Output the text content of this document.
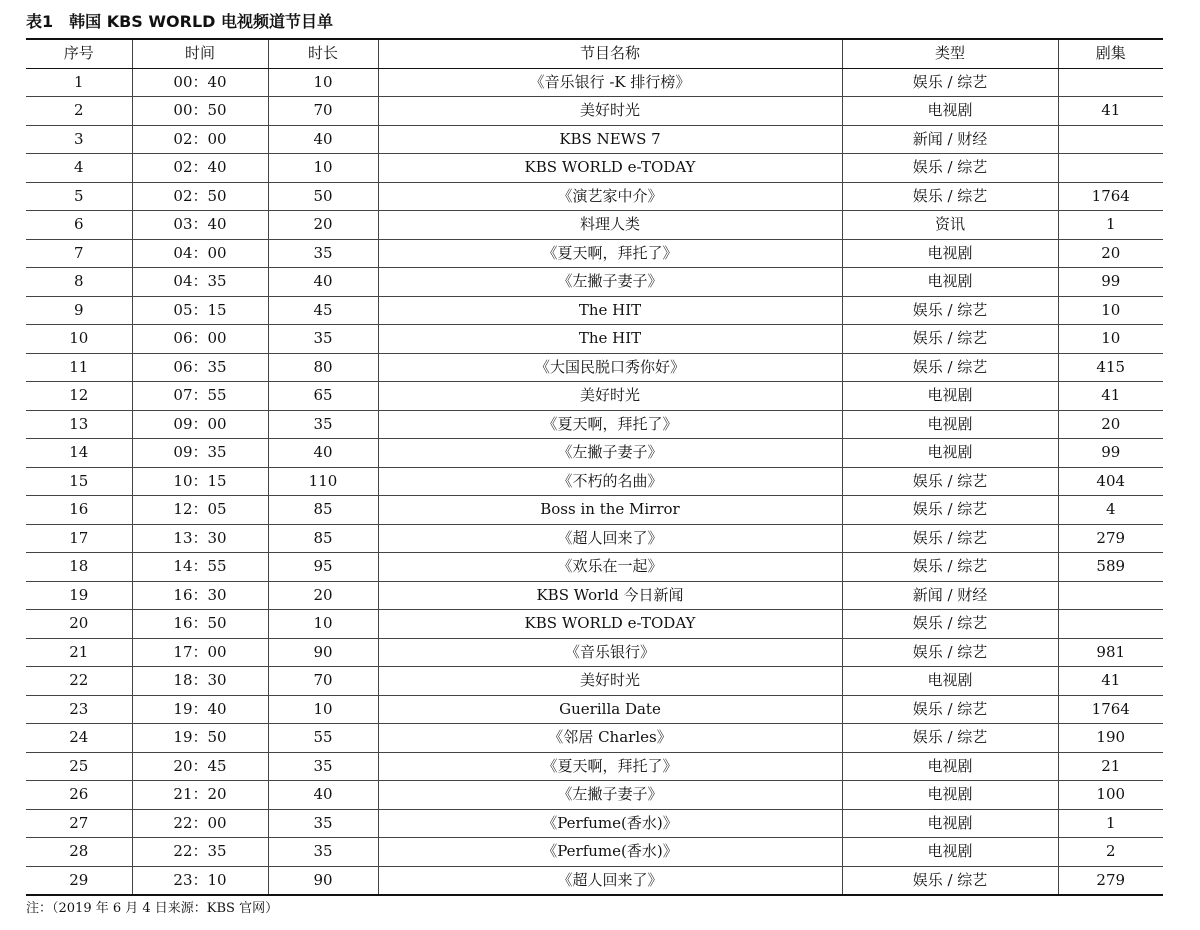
表1 韩国 KBS WORLD 电视频道节目单
序号	时间	时长	节目名称	类型	剧集
1	00：40	10	《音乐银行 -K 排行榜》	娱乐 / 综艺	
2	00：50	70	美好时光	电视剧	41
3	02：00	40	KBS NEWS 7	新闻 / 财经	
4	02：40	10	KBS WORLD e-TODAY	娱乐 / 综艺	
5	02：50	50	《演艺家中介》	娱乐 / 综艺	1764
6	03：40	20	料理人类	资讯	1
7	04：00	35	《夏天啊，拜托了》	电视剧	20
8	04：35	40	《左撇子妻子》	电视剧	99
9	05：15	45	The HIT	娱乐 / 综艺	10
10	06：00	35	The HIT	娱乐 / 综艺	10
11	06：35	80	《大国民脱口秀你好》	娱乐 / 综艺	415
12	07：55	65	美好时光	电视剧	41
13	09：00	35	《夏天啊，拜托了》	电视剧	20
14	09：35	40	《左撇子妻子》	电视剧	99
15	10：15	110	《不朽的名曲》	娱乐 / 综艺	404
16	12：05	85	Boss in the Mirror	娱乐 / 综艺	4
17	13：30	85	《超人回来了》	娱乐 / 综艺	279
18	14：55	95	《欢乐在一起》	娱乐 / 综艺	589
19	16：30	20	KBS World 今日新闻	新闻 / 财经	
20	16：50	10	KBS WORLD e-TODAY	娱乐 / 综艺	
21	17：00	90	《音乐银行》	娱乐 / 综艺	981
22	18：30	70	美好时光	电视剧	41
23	19：40	10	Guerilla Date	娱乐 / 综艺	1764
24	19：50	55	《邻居 Charles》	娱乐 / 综艺	190
25	20：45	35	《夏天啊，拜托了》	电视剧	21
26	21：20	40	《左撇子妻子》	电视剧	100
27	22：00	35	《Perfume(香水)》	电视剧	1
28	22：35	35	《Perfume(香水)》	电视剧	2
29	23：10	90	《超人回来了》	娱乐 / 综艺	279
注：（2019 年 6 月 4 日来源：KBS 官网）
